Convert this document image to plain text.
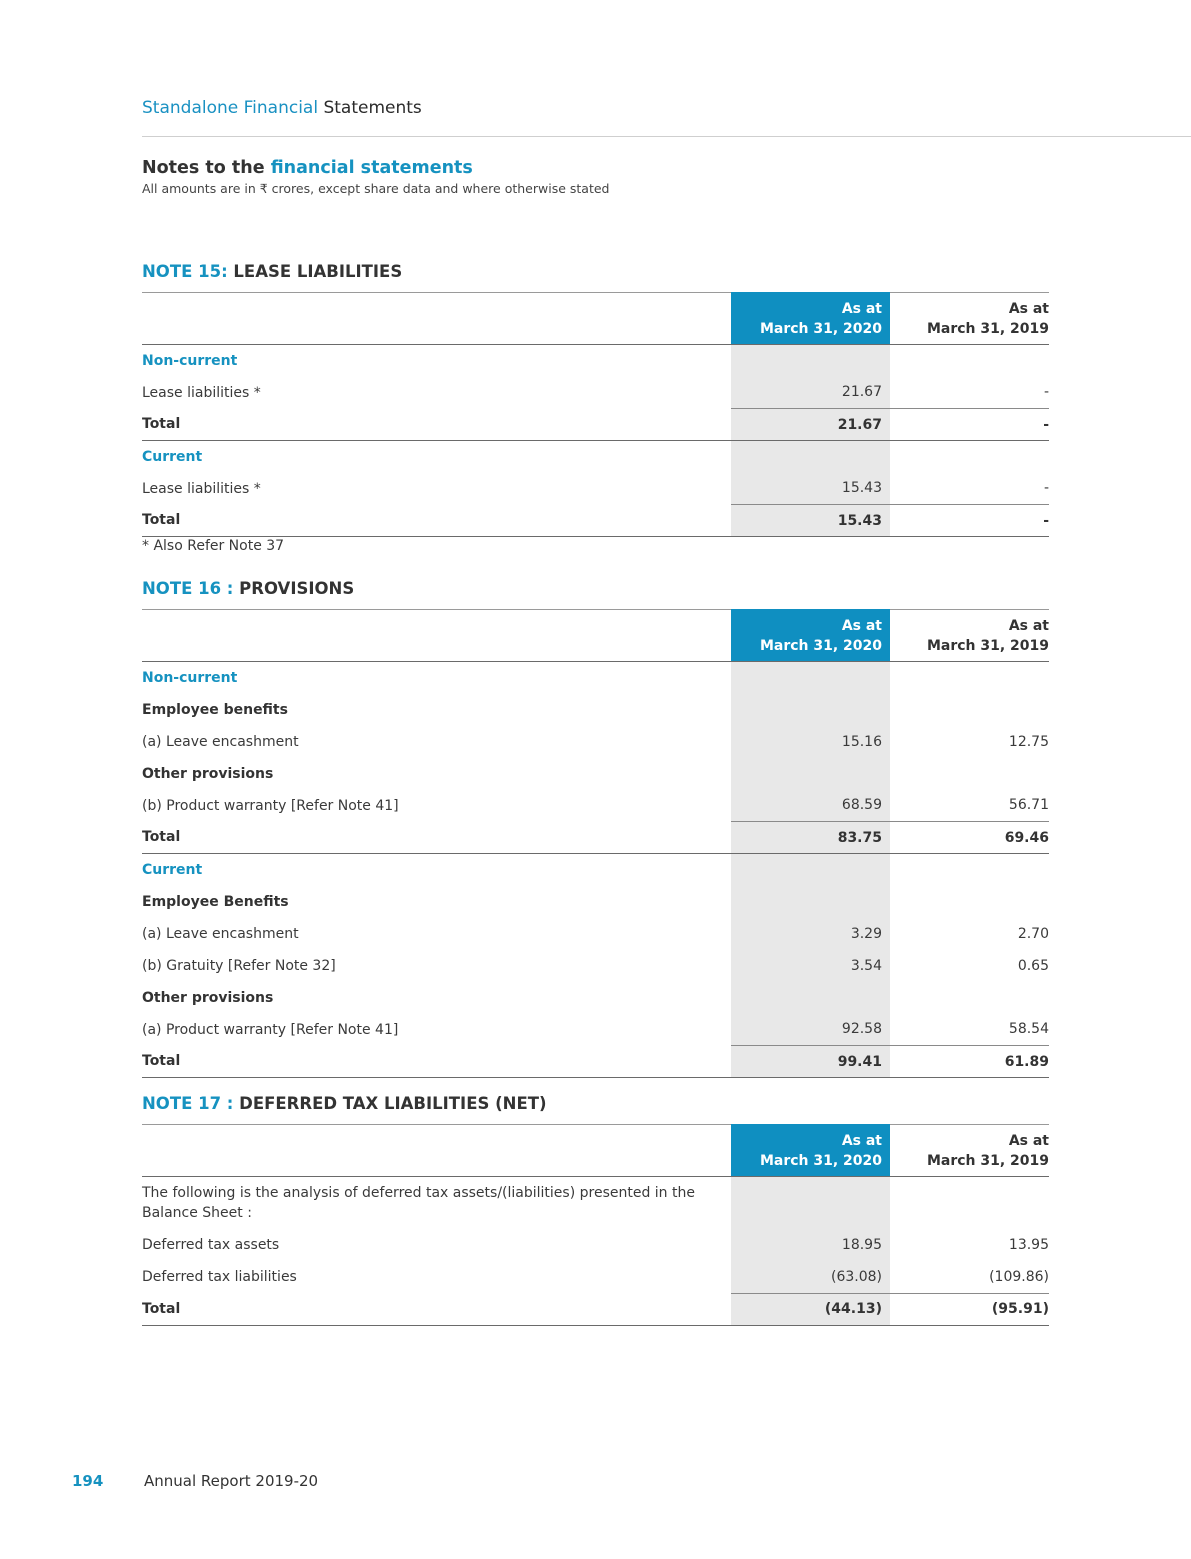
Standalone Financial Statements
Notes to the financial statements
All amounts are in ₹ crores, except share data and where otherwise stated
NOTE 15: LEASE LIABILITIES
	As at
March 31, 2020	As at
March 31, 2019
Non-current		
Lease liabilities *	21.67	-
Total	21.67	-
Current		
Lease liabilities *	15.43	-
Total	15.43	-
* Also Refer Note 37
NOTE 16 : PROVISIONS
	As at
March 31, 2020	As at
March 31, 2019
Non-current		
Employee benefits		
(a) Leave encashment	15.16	12.75
Other provisions		
(b) Product warranty [Refer Note 41]	68.59	56.71
Total	83.75	69.46
Current		
Employee Benefits		
(a) Leave encashment	3.29	2.70
(b) Gratuity [Refer Note 32]	3.54	0.65
Other provisions		
(a) Product warranty [Refer Note 41]	92.58	58.54
Total	99.41	61.89
NOTE 17 : DEFERRED TAX LIABILITIES (NET)
	As at
March 31, 2020	As at
March 31, 2019
The following is the analysis of deferred tax assets/(liabilities) presented in the Balance Sheet :		
Deferred tax assets	18.95	13.95
Deferred tax liabilities	(63.08)	(109.86)
Total	(44.13)	(95.91)
194	Annual Report 2019-20
